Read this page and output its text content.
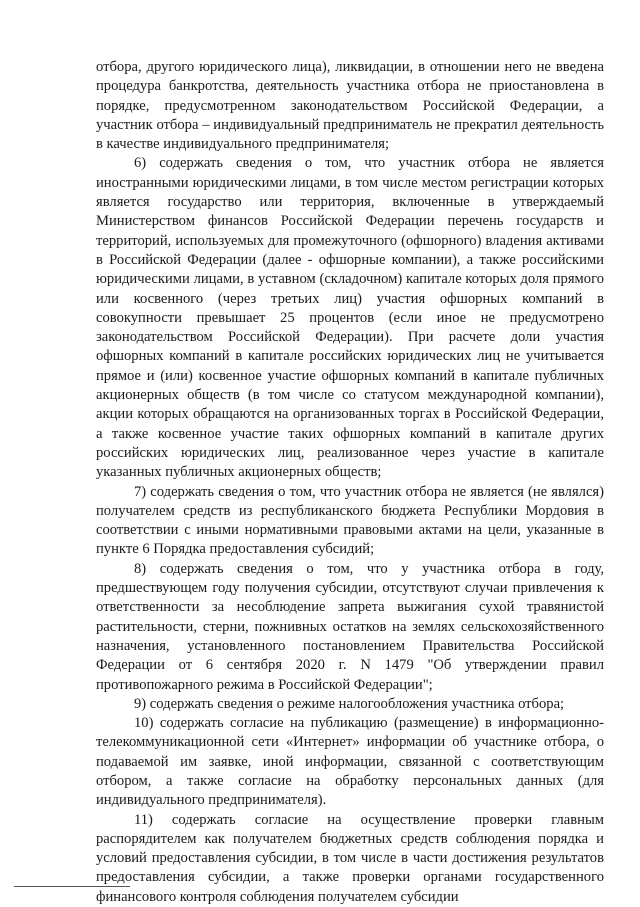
отбора, другого юридического лица), ликвидации, в отношении него не введена процедура банкротства, деятельность участника отбора не приостановлена в порядке, предусмотренном законодательством Российской Федерации, а участник отбора – индивидуальный предприниматель не прекратил деятельность в качестве индивидуального предпринимателя;

6) содержать сведения о том, что участник отбора не является иностранными юридическими лицами, в том числе местом регистрации которых является государство или территория, включенные в утверждаемый Министерством финансов Российской Федерации перечень государств и территорий, используемых для промежуточного (офшорного) владения активами в Российской Федерации (далее - офшорные компании), а также российскими юридическими лицами, в уставном (складочном) капитале которых доля прямого или косвенного (через третьих лиц) участия офшорных компаний в совокупности превышает 25 процентов (если иное не предусмотрено законодательством Российской Федерации). При расчете доли участия офшорных компаний в капитале российских юридических лиц не учитывается прямое и (или) косвенное участие офшорных компаний в капитале публичных акционерных обществ (в том числе со статусом международной компании), акции которых обращаются на организованных торгах в Российской Федерации, а также косвенное участие таких офшорных компаний в капитале других российских юридических лиц, реализованное через участие в капитале указанных публичных акционерных обществ;

7) содержать сведения о том, что участник отбора не является (не являлся) получателем средств из республиканского бюджета Республики Мордовия в соответствии с иными нормативными правовыми актами на цели, указанные в пункте 6 Порядка предоставления субсидий;

8) содержать сведения о том, что у участника отбора в году, предшествующем году получения субсидии, отсутствуют случаи привлечения к ответственности за несоблюдение запрета выжигания сухой травянистой растительности, стерни, пожнивных остатков на землях сельскохозяйственного назначения, установленного постановлением Правительства Российской Федерации от 6 сентября 2020 г. N 1479 "Об утверждении правил противопожарного режима в Российской Федерации";

9) содержать сведения о режиме налогообложения участника отбора;

10) содержать согласие на публикацию (размещение) в информационно-телекоммуникационной сети «Интернет» информации об участнике отбора, о подаваемой им заявке, иной информации, связанной с соответствующим отбором, а также согласие на обработку персональных данных (для индивидуального предпринимателя).

11) содержать согласие на осуществление проверки главным распорядителем как получателем бюджетных средств соблюдения порядка и условий предоставления субсидии, в том числе в части достижения результатов предоставления субсидии, а также проверки органами государственного финансового контроля соблюдения получателем субсидии
